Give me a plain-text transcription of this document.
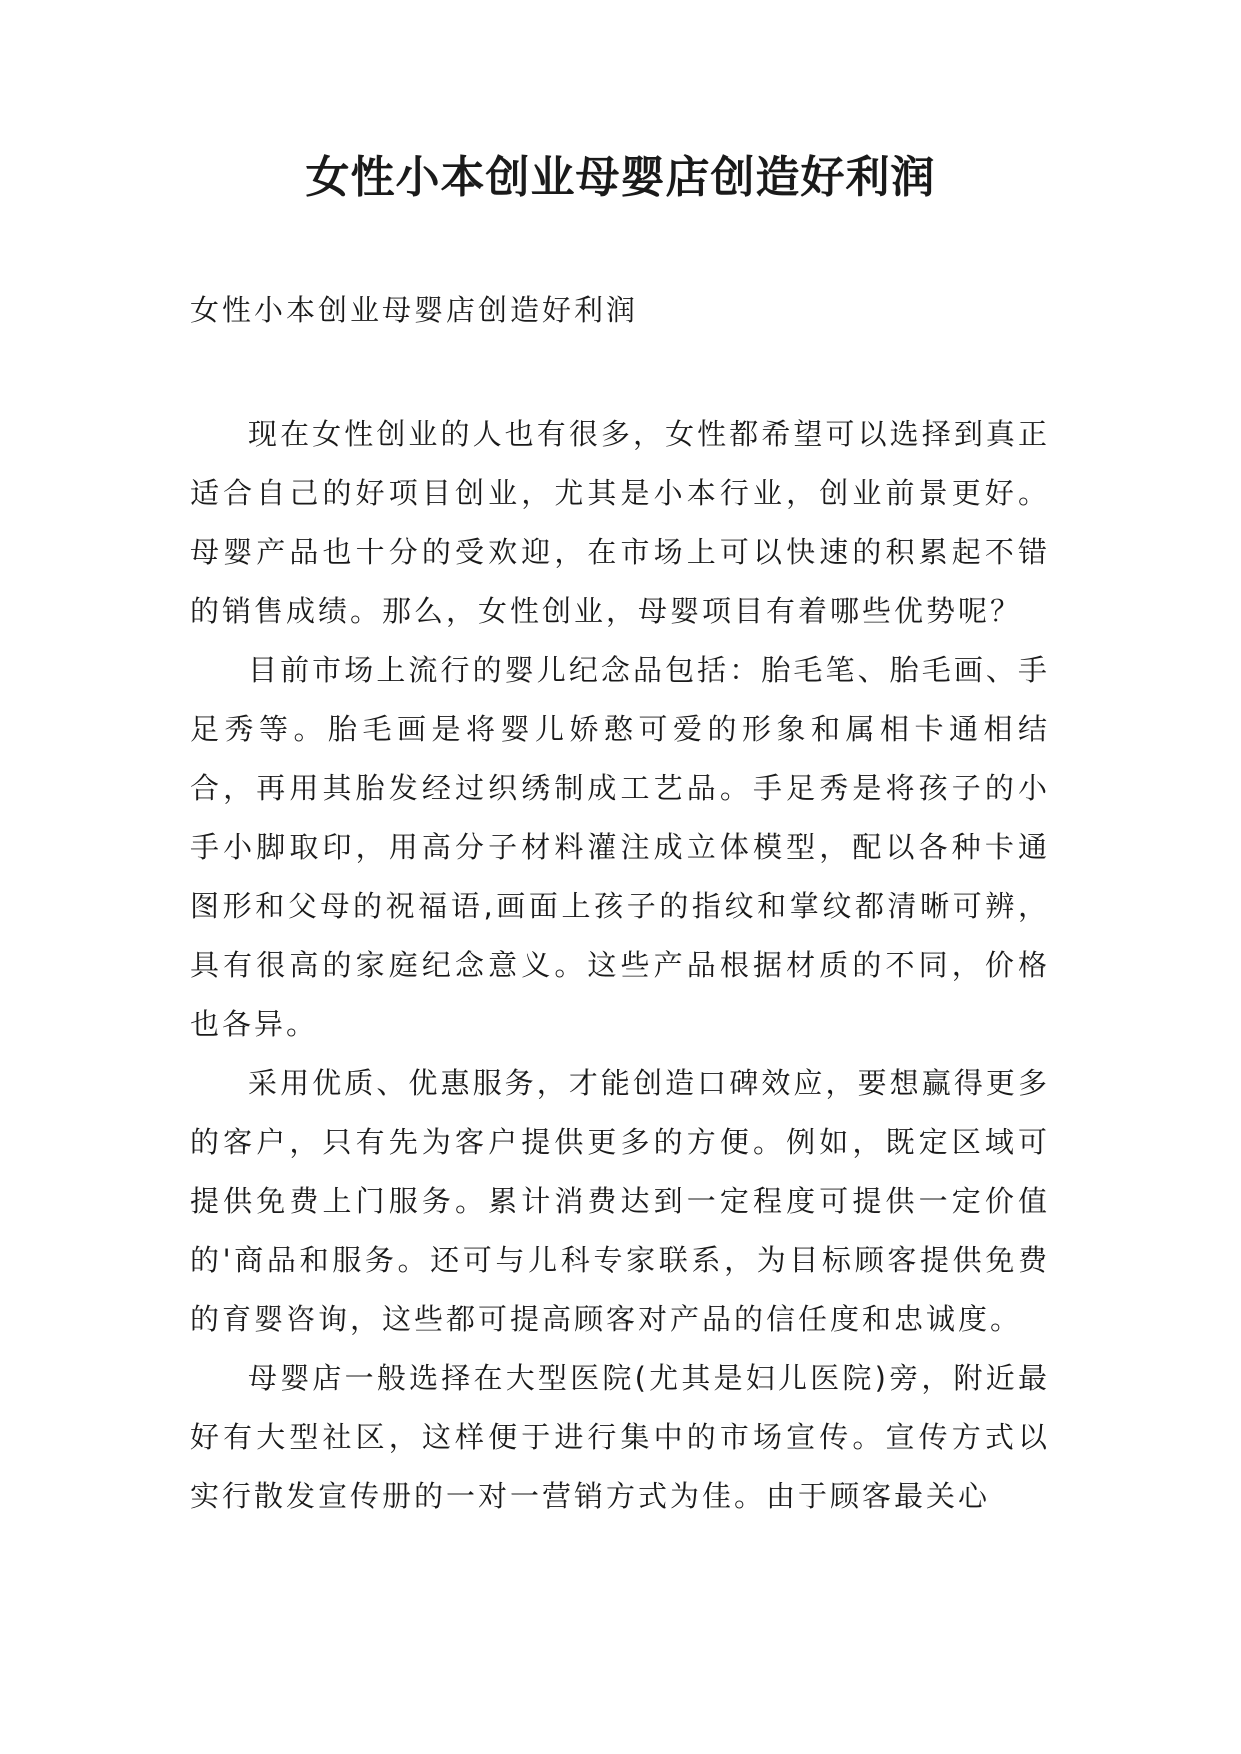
女性小本创业母婴店创造好利润

女性小本创业母婴店创造好利润

现在女性创业的人也有很多，女性都希望可以选择到真正适合自己的好项目创业，尤其是小本行业，创业前景更好。母婴产品也十分的受欢迎，在市场上可以快速的积累起不错的销售成绩。那么，女性创业，母婴项目有着哪些优势呢？

目前市场上流行的婴儿纪念品包括：胎毛笔、胎毛画、手足秀等。胎毛画是将婴儿娇憨可爱的形象和属相卡通相结合，再用其胎发经过织绣制成工艺品。手足秀是将孩子的小手小脚取印，用高分子材料灌注成立体模型，配以各种卡通图形和父母的祝福语,画面上孩子的指纹和掌纹都清晰可辨，具有很高的家庭纪念意义。这些产品根据材质的不同，价格也各异。

采用优质、优惠服务，才能创造口碑效应，要想赢得更多的客户，只有先为客户提供更多的方便。例如，既定区域可提供免费上门服务。累计消费达到一定程度可提供一定价值的'商品和服务。还可与儿科专家联系，为目标顾客提供免费的育婴咨询，这些都可提高顾客对产品的信任度和忠诚度。

母婴店一般选择在大型医院(尤其是妇儿医院)旁，附近最好有大型社区，这样便于进行集中的市场宣传。宣传方式以实行散发宣传册的一对一营销方式为佳。由于顾客最关心
